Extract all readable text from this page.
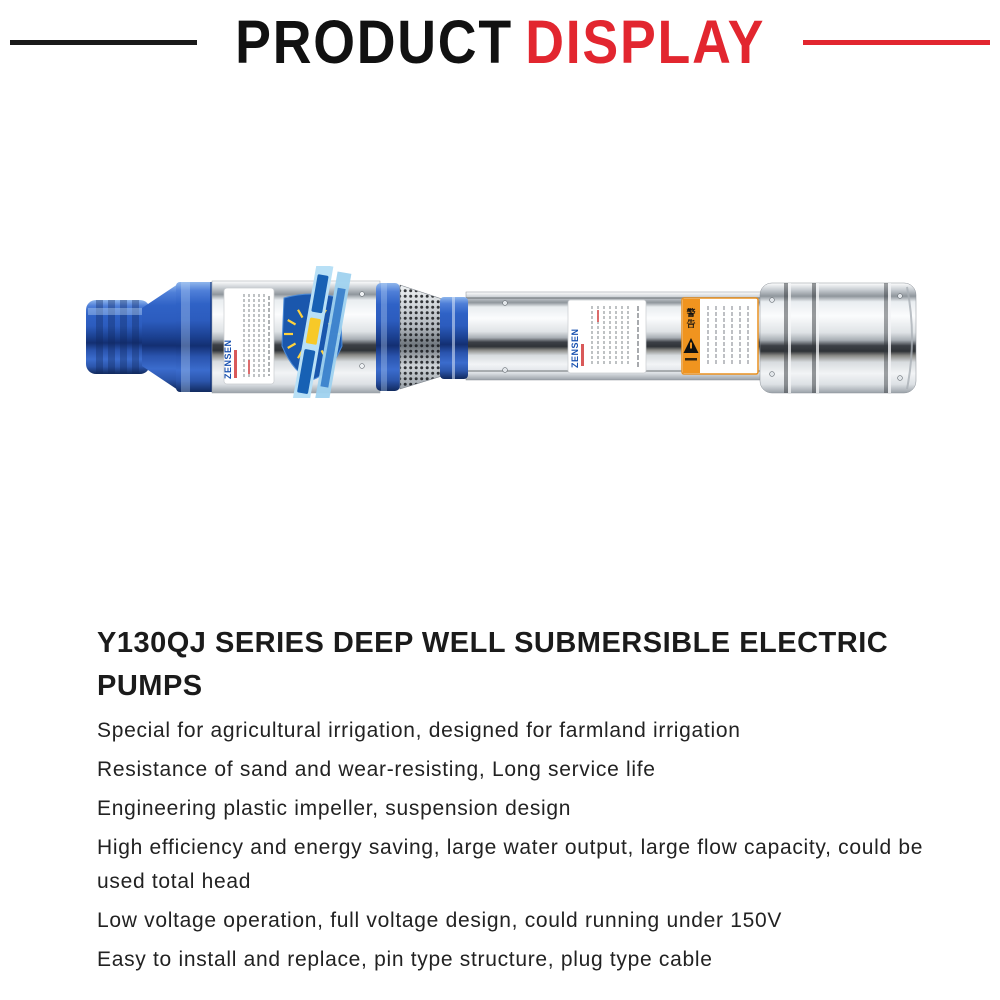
PRODUCT DISPLAY
ZENSEN	ZENSEN
警
告
Y130QJ SERIES DEEP WELL SUBMERSIBLE ELECTRIC PUMPS

Special for agricultural irrigation, designed for farmland irrigation

Resistance of sand and wear-resisting, Long service life

Engineering plastic impeller, suspension design

High efficiency and energy saving, large water output, large flow capacity, could be used total head

Low voltage operation, full voltage design, could running under 150V

Easy to install and replace, pin type structure, plug type cable
